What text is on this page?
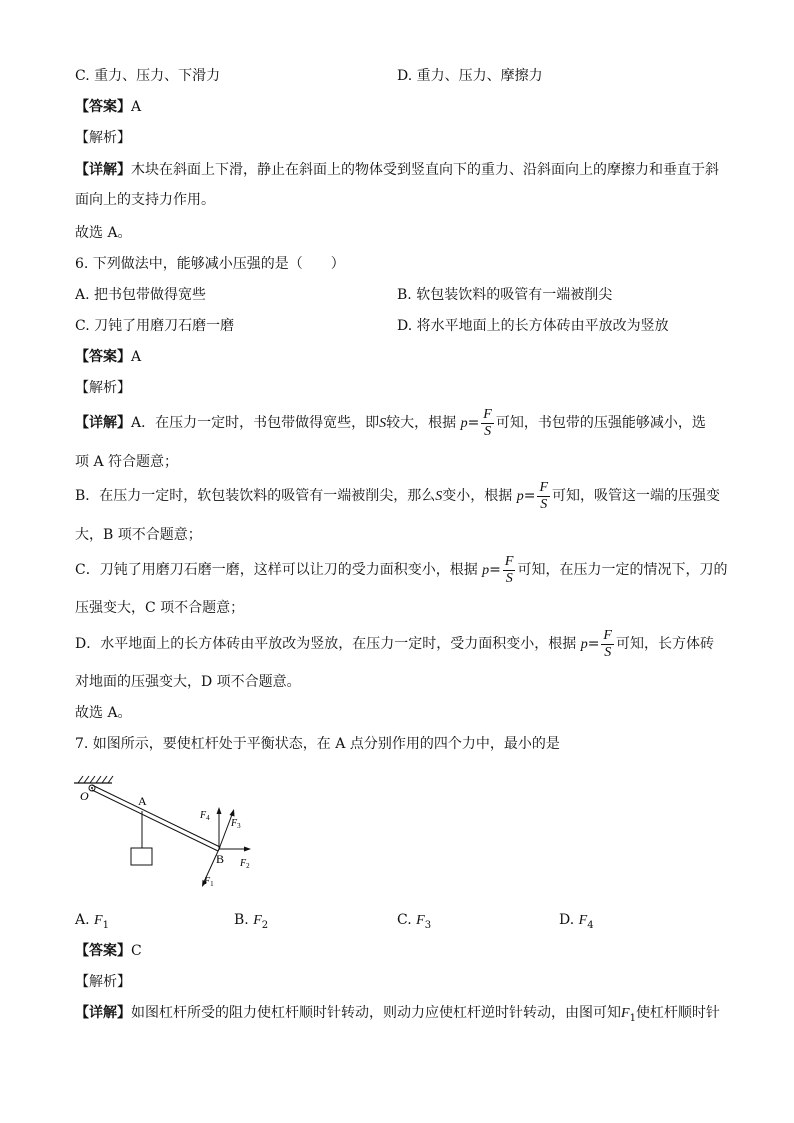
C. 重力、压力、下滑力	D. 重力、压力、摩擦力
【答案】A
【解析】
【详解】木块在斜面上下滑，静止在斜面上的物体受到竖直向下的重力、沿斜面向上的摩擦力和垂直于斜
面向上的支持力作用。
故选 A。
6. 下列做法中，能够减小压强的是（　　）
A. 把书包带做得宽些	B. 软包装饮料的吸管有一端被削尖
C. 刀钝了用磨刀石磨一磨	D. 将水平地面上的长方体砖由平放改为竖放
【答案】A
【解析】
【详解】A．在压力一定时，书包带做得宽些，即S较大，根据 $p= \frac{F}{S}$ 可知，书包带的压强能够减小，选
项 A 符合题意；
B．在压力一定时，软包装饮料的吸管有一端被削尖，那么S变小，根据 $p= \frac{F}{S}$ 可知，吸管这一端的压强变
大，B 项不合题意；
C．刀钝了用磨刀石磨一磨，这样可以让刀的受力面积变小，根据 $p= \frac{F}{S}$ 可知，在压力一定的情况下，刀的
压强变大，C 项不合题意；
D．水平地面上的长方体砖由平放改为竖放，在压力一定时，受力面积变小，根据 $p= \frac{F}{S}$ 可知，长方体砖
对地面的压强变大，D 项不合题意。
故选 A。
7. 如图所示，要使杠杆处于平衡状态，在 A 点分别作用的四个力中，最小的是
O	A
B
$F_4$ $F_3$
$F_2$
$F_1$
A. $F_1$	B. $F_2$	C. $F_3$	D. $F_4$
【答案】C
【解析】
【详解】如图杠杆所受的阻力使杠杆顺时针转动，则动力应使杠杆逆时针转动，由图可知$F_1$使杠杆顺时针
